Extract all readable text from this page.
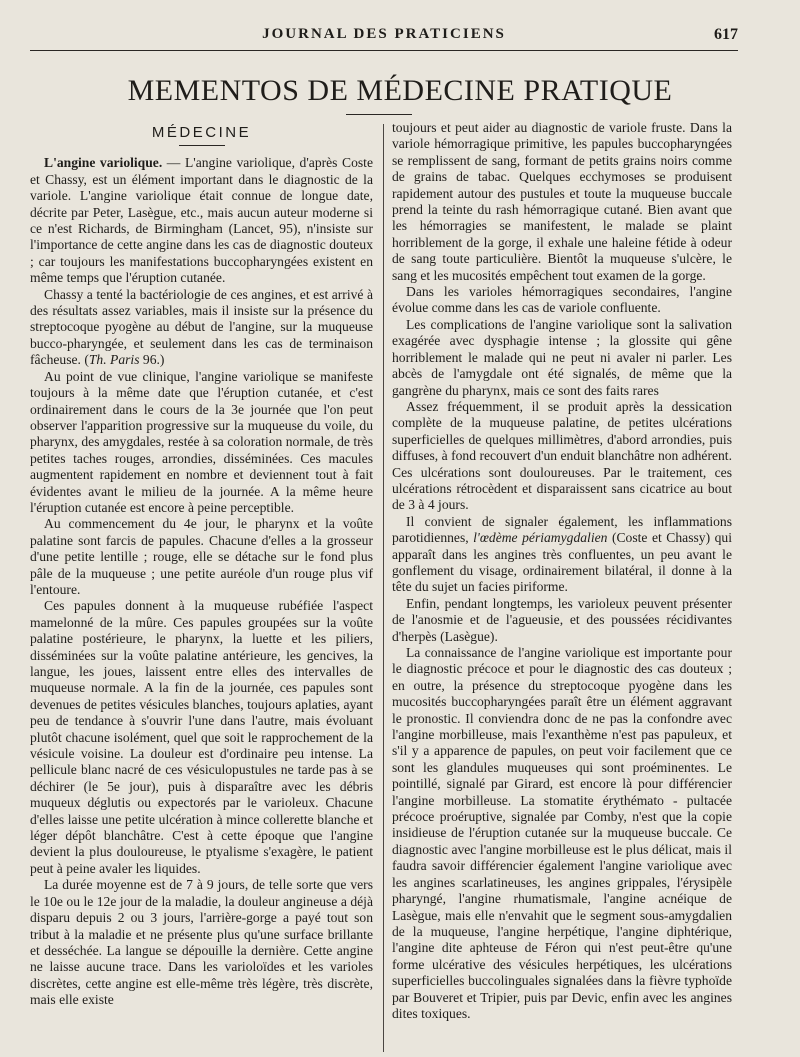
JOURNAL DES PRATICIENS	617
MEMENTOS DE MÉDECINE PRATIQUE
MÉDECINE

L'angine variolique. — L'angine variolique, d'après Coste et Chassy, est un élément important dans le diagnostic de la variole. L'angine variolique était connue de longue date, décrite par Peter, Lasègue, etc., mais aucun auteur moderne si ce n'est Richards, de Birmingham (Lancet, 95), n'insiste sur l'importance de cette angine dans les cas de diagnostic douteux ; car toujours les manifestations buccopharyngées existent en même temps que l'éruption cutanée.

Chassy a tenté la bactériologie de ces angines, et est arrivé à des résultats assez variables, mais il insiste sur la présence du streptocoque pyogène au début de l'angine, sur la muqueuse bucco-pharyngée, et seulement dans les cas de terminaison fâcheuse. (Th. Paris 96.)

Au point de vue clinique, l'angine variolique se manifeste toujours à la même date que l'éruption cutanée, et c'est ordinairement dans le cours de la 3e journée que l'on peut observer l'apparition progressive sur la muqueuse du voile, du pharynx, des amygdales, restée à sa coloration normale, de très petites taches rouges, arrondies, disséminées. Ces macules augmentent rapidement en nombre et deviennent tout à fait évidentes avant le milieu de la journée. A la même heure l'éruption cutanée est encore à peine perceptible.

Au commencement du 4e jour, le pharynx et la voûte palatine sont farcis de papules. Chacune d'elles a la grosseur d'une petite lentille ; rouge, elle se détache sur le fond plus pâle de la muqueuse ; une petite auréole d'un rouge plus vif l'entoure.

Ces papules donnent à la muqueuse rubéfiée l'aspect mamelonné de la mûre. Ces papules groupées sur la voûte palatine postérieure, le pharynx, la luette et les piliers, disséminées sur la voûte palatine antérieure, les gencives, la langue, les joues, laissent entre elles des intervalles de muqueuse normale. A la fin de la journée, ces papules sont devenues de petites vésicules blanches, toujours aplaties, ayant peu de tendance à s'ouvrir l'une dans l'autre, mais évoluant plutôt chacune isolément, quel que soit le rapprochement de la vésicule voisine. La douleur est d'ordinaire peu intense. La pellicule blanc nacré de ces vésiculopustules ne tarde pas à se déchirer (le 5e jour), puis à disparaître avec les débris muqueux déglutis ou expectorés par le varioleux. Chacune d'elles laisse une petite ulcération à mince collerette blanche et léger dépôt blanchâtre. C'est à cette époque que l'angine devient la plus douloureuse, le ptyalisme s'exagère, le patient peut à peine avaler les liquides.

La durée moyenne est de 7 à 9 jours, de telle sorte que vers le 10e ou le 12e jour de la maladie, la douleur angineuse a déjà disparu depuis 2 ou 3 jours, l'arrière-gorge a payé tout son tribut à la maladie et ne présente plus qu'une surface brillante et desséchée. La langue se dépouille la dernière. Cette angine ne laisse aucune trace. Dans les varioloïdes et les varioles discrètes, cette angine est elle-même très légère, très discrète, mais elle existe

toujours et peut aider au diagnostic de variole fruste. Dans la variole hémorragique primitive, les papules buccopharyngées se remplissent de sang, formant de petits grains noirs comme de grains de tabac. Quelques ecchymoses se produisent rapidement autour des pustules et toute la muqueuse buccale prend la teinte du rash hémorragique cutané. Bien avant que les hémorragies se manifestent, le malade se plaint horriblement de la gorge, il exhale une haleine fétide à odeur de sang toute particulière. Bientôt la muqueuse s'ulcère, le sang et les mucosités empêchent tout examen de la gorge.

Dans les varioles hémorragiques secondaires, l'angine évolue comme dans les cas de variole confluente.

Les complications de l'angine variolique sont la salivation exagérée avec dysphagie intense ; la glossite qui gêne horriblement le malade qui ne peut ni avaler ni parler. Les abcès de l'amygdale ont été signalés, de même que la gangrène du pharynx, mais ce sont des faits rares

Assez fréquemment, il se produit après la dessication complète de la muqueuse palatine, de petites ulcérations superficielles de quelques millimètres, d'abord arrondies, puis diffuses, à fond recouvert d'un enduit blanchâtre non adhérent. Ces ulcérations sont douloureuses. Par le traitement, ces ulcérations rétrocèdent et disparaissent sans cicatrice au bout de 3 à 4 jours.

Il convient de signaler également, les inflammations parotidiennes, l'œdème périamygdalien (Coste et Chassy) qui apparaît dans les angines très confluentes, un peu avant le gonflement du visage, ordinairement bilatéral, il donne à la tête du sujet un facies piriforme.

Enfin, pendant longtemps, les varioleux peuvent présenter de l'anosmie et de l'agueusie, et des poussées récidivantes d'herpès (Lasègue).

La connaissance de l'angine variolique est importante pour le diagnostic précoce et pour le diagnostic des cas douteux ; en outre, la présence du streptocoque pyogène dans les mucosités buccopharyngées paraît être un élément aggravant le pronostic. Il conviendra donc de ne pas la confondre avec l'angine morbilleuse, mais l'exanthème n'est pas papuleux, et s'il y a apparence de papules, on peut voir facilement que ce sont les glandules muqueuses qui sont proéminentes. Le pointillé, signalé par Girard, est encore là pour différencier l'angine morbilleuse. La stomatite érythémato - pultacée précoce proéruptive, signalée par Comby, n'est que la copie insidieuse de l'éruption cutanée sur la muqueuse buccale. Ce diagnostic avec l'angine morbilleuse est le plus délicat, mais il faudra savoir différencier également l'angine variolique avec les angines scarlatineuses, les angines grippales, l'érysipèle pharyngé, l'angine rhumatismale, l'angine acnéique de Lasègue, mais elle n'envahit que le segment sous-amygdalien de la muqueuse, l'angine herpétique, l'angine diphtérique, l'angine dite aphteuse de Féron qui n'est peut-être qu'une forme ulcérative des vésicules herpétiques, les ulcérations superficielles buccolinguales signalées dans la fièvre typhoïde par Bouveret et Tripier, puis par Devic, enfin avec les angines dites toxiques.
